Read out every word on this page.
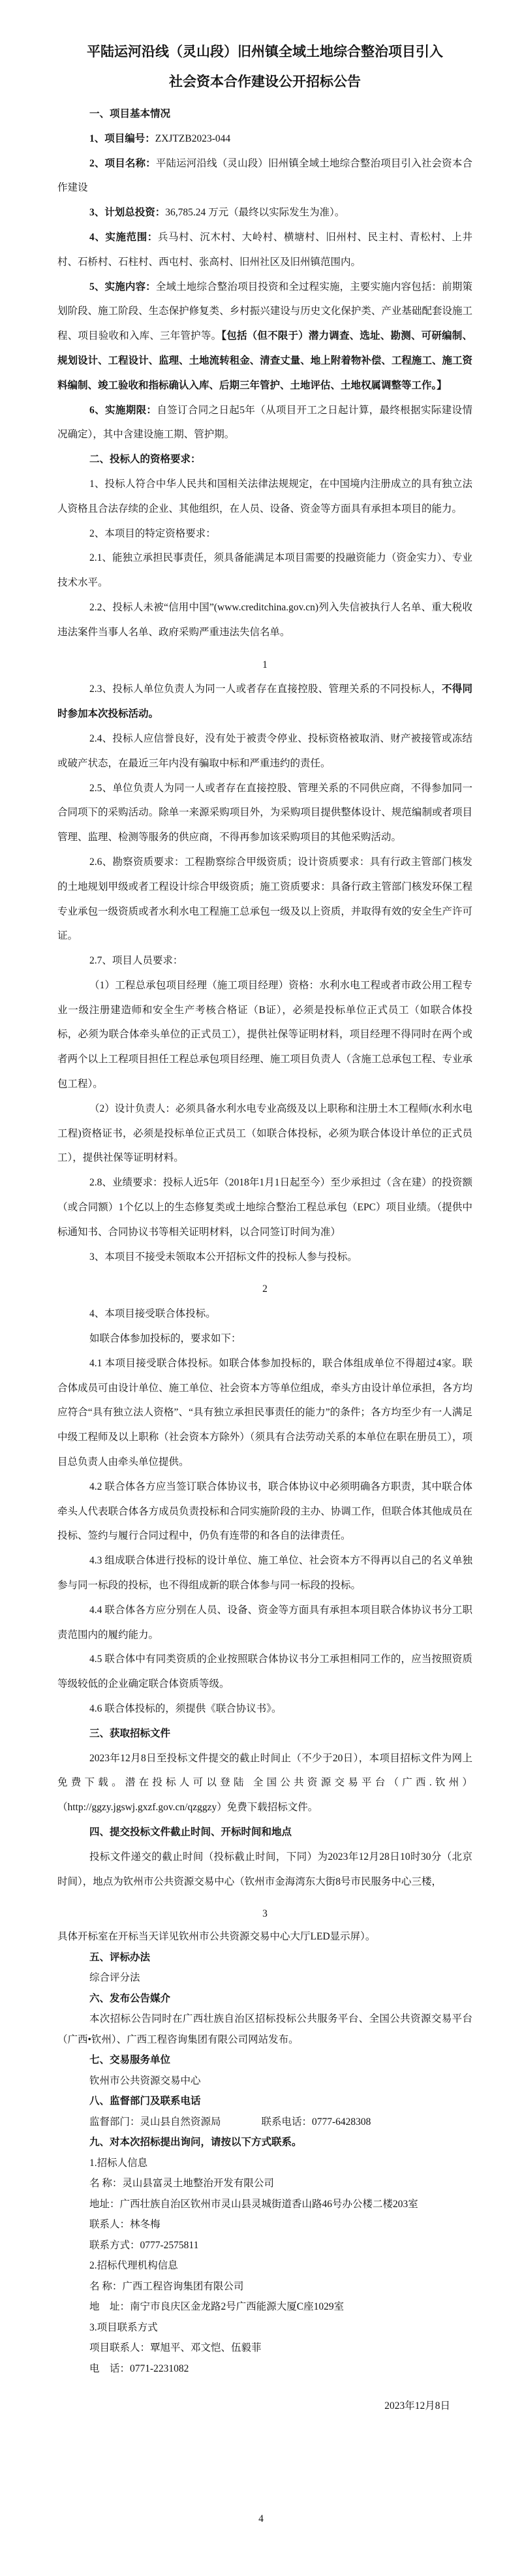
平陆运河沿线（灵山段）旧州镇全域土地综合整治项目引入
社会资本合作建设公开招标公告
一、项目基本情况
1、项目编号：ZXJTZB2023-044
2、项目名称：平陆运河沿线（灵山段）旧州镇全域土地综合整治项目引入社会资本合作建设
3、计划总投资：36,785.24 万元（最终以实际发生为准）。
4、实施范围：兵马村、沉木村、大岭村、横塘村、旧州村、民主村、青松村、上井村、石桥村、石柱村、西屯村、张高村、旧州社区及旧州镇范围内。
5、实施内容：全域土地综合整治项目投资和全过程实施，主要实施内容包括：前期策划阶段、施工阶段、生态保护修复类、乡村振兴建设与历史文化保护类、产业基础配套设施工程、项目验收和入库、三年管护等。【包括（但不限于）潜力调查、选址、勘测、可研编制、规划设计、工程设计、监理、土地流转租金、清查丈量、地上附着物补偿、工程施工、施工资料编制、竣工验收和指标确认入库、后期三年管护、土地评估、土地权属调整等工作。】
6、实施期限：自签订合同之日起5年（从项目开工之日起计算，最终根据实际建设情况确定），其中含建设施工期、管护期。
二、投标人的资格要求：
1、投标人符合中华人民共和国相关法律法规规定，在中国境内注册成立的具有独立法人资格且合法存续的企业、其他组织，在人员、设备、资金等方面具有承担本项目的能力。
2、本项目的特定资格要求：
2.1、能独立承担民事责任，须具备能满足本项目需要的投融资能力（资金实力）、专业技术水平。
2.2、投标人未被“信用中国”(www.creditchina.gov.cn)列入失信被执行人名单、重大税收违法案件当事人名单、政府采购严重违法失信名单。
1
2.3、投标人单位负责人为同一人或者存在直接控股、管理关系的不同投标人，不得同时参加本次投标活动。
2.4、投标人应信誉良好，没有处于被责令停业、投标资格被取消、财产被接管或冻结或破产状态，在最近三年内没有骗取中标和严重违约的责任。
2.5、单位负责人为同一人或者存在直接控股、管理关系的不同供应商，不得参加同一合同项下的采购活动。除单一来源采购项目外，为采购项目提供整体设计、规范编制或者项目管理、监理、检测等服务的供应商，不得再参加该采购项目的其他采购活动。
2.6、勘察资质要求：工程勘察综合甲级资质；设计资质要求：具有行政主管部门核发的土地规划甲级或者工程设计综合甲级资质；施工资质要求：具备行政主管部门核发环保工程专业承包一级资质或者水利水电工程施工总承包一级及以上资质，并取得有效的安全生产许可证。
2.7、项目人员要求：
（1）工程总承包项目经理（施工项目经理）资格：水利水电工程或者市政公用工程专业一级注册建造师和安全生产考核合格证（B证），必须是投标单位正式员工（如联合体投标，必须为联合体牵头单位的正式员工），提供社保等证明材料，项目经理不得同时在两个或者两个以上工程项目担任工程总承包项目经理、施工项目负责人（含施工总承包工程、专业承包工程）。
（2）设计负责人：必须具备水利水电专业高级及以上职称和注册土木工程师(水利水电工程)资格证书，必须是投标单位正式员工（如联合体投标，必须为联合体设计单位的正式员工），提供社保等证明材料。
2.8、业绩要求：投标人近5年（2018年1月1日起至今）至少承担过（含在建）的投资额（或合同额）1个亿以上的生态修复类或土地综合整治工程总承包（EPC）项目业绩。（提供中标通知书、合同协议书等相关证明材料，以合同签订时间为准）
3、本项目不接受未领取本公开招标文件的投标人参与投标。
2
4、本项目接受联合体投标。
如联合体参加投标的，要求如下：
4.1 本项目接受联合体投标。如联合体参加投标的，联合体组成单位不得超过4家。联合体成员可由设计单位、施工单位、社会资本方等单位组成，牵头方由设计单位承担，各方均应符合“具有独立法人资格”、“具有独立承担民事责任的能力”的条件；各方均至少有一人满足中级工程师及以上职称（社会资本方除外）（须具有合法劳动关系的本单位在职在册员工），项目总负责人由牵头单位提供。
4.2 联合体各方应当签订联合体协议书，联合体协议中必须明确各方职责，其中联合体牵头人代表联合体各方成员负责投标和合同实施阶段的主办、协调工作，但联合体其他成员在投标、签约与履行合同过程中，仍负有连带的和各自的法律责任。
4.3 组成联合体进行投标的设计单位、施工单位、社会资本方不得再以自己的名义单独参与同一标段的投标，也不得组成新的联合体参与同一标段的投标。
4.4 联合体各方应分别在人员、设备、资金等方面具有承担本项目联合体协议书分工职责范围内的履约能力。
4.5 联合体中有同类资质的企业按照联合体协议书分工承担相同工作的，应当按照资质等级较低的企业确定联合体资质等级。
4.6 联合体投标的，须提供《联合协议书》。
三、获取招标文件
2023年12月8日至投标文件提交的截止时间止（不少于20日），本项目招标文件为网上免费下载。潜在投标人可以登陆 全国公共资源交易平台（广西.钦州）（http://ggzy.jgswj.gxzf.gov.cn/qzggzy）免费下载招标文件。
四、提交投标文件截止时间、开标时间和地点
投标文件递交的截止时间（投标截止时间，下同）为2023年12月28日10时30分（北京时间），地点为钦州市公共资源交易中心（钦州市金海湾东大街8号市民服务中心三楼，
3
具体开标室在开标当天详见钦州市公共资源交易中心大厅LED显示屏）。
五、评标办法
综合评分法
六、发布公告媒介
本次招标公告同时在广西壮族自治区招标投标公共服务平台、全国公共资源交易平台（广西•钦州）、广西工程咨询集团有限公司网站发布。
七、交易服务单位
钦州市公共资源交易中心
八、监督部门及联系电话
监督部门：灵山县自然资源局　　　　联系电话：0777-6428308
九、对本次招标提出询问，请按以下方式联系。
1.招标人信息
名 称：灵山县富灵土地整治开发有限公司
地址：广西壮族自治区钦州市灵山县灵城街道香山路46号办公楼二楼203室
联系人：林冬梅
联系方式：0777-2575811
2.招标代理机构信息
名 称：广西工程咨询集团有限公司
地　址：南宁市良庆区金龙路2号广西能源大厦C座1029室
3.项目联系方式
项目联系人：覃旭平、邓文恺、伍毅菲
电　话：0771-2231082
2023年12月8日
4
